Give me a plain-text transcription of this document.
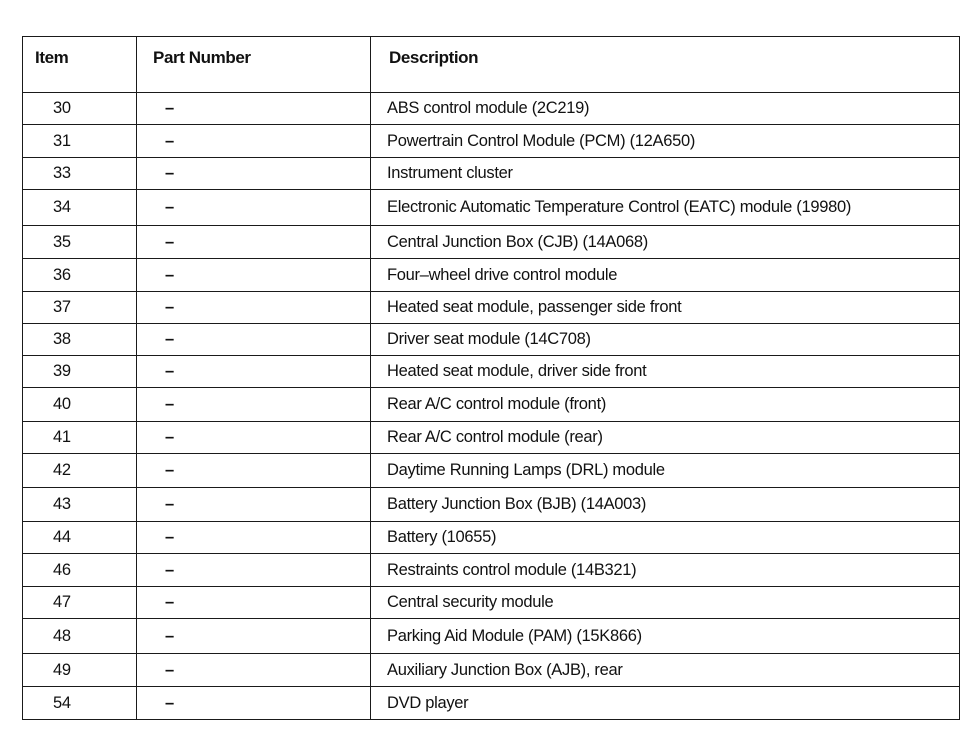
Item	Part Number	Description
30	–	ABS control module (2C219)
31	–	Powertrain Control Module (PCM) (12A650)
33	–	Instrument cluster
34	–	Electronic Automatic Temperature Control (EATC) module (19980)
35	–	Central Junction Box (CJB) (14A068)
36	–	Four–wheel drive control module
37	–	Heated seat module, passenger side front
38	–	Driver seat module (14C708)
39	–	Heated seat module, driver side front
40	–	Rear A/C control module (front)
41	–	Rear A/C control module (rear)
42	–	Daytime Running Lamps (DRL) module
43	–	Battery Junction Box (BJB) (14A003)
44	–	Battery (10655)
46	–	Restraints control module (14B321)
47	–	Central security module
48	–	Parking Aid Module (PAM) (15K866)
49	–	Auxiliary Junction Box (AJB), rear
54	–	DVD player
